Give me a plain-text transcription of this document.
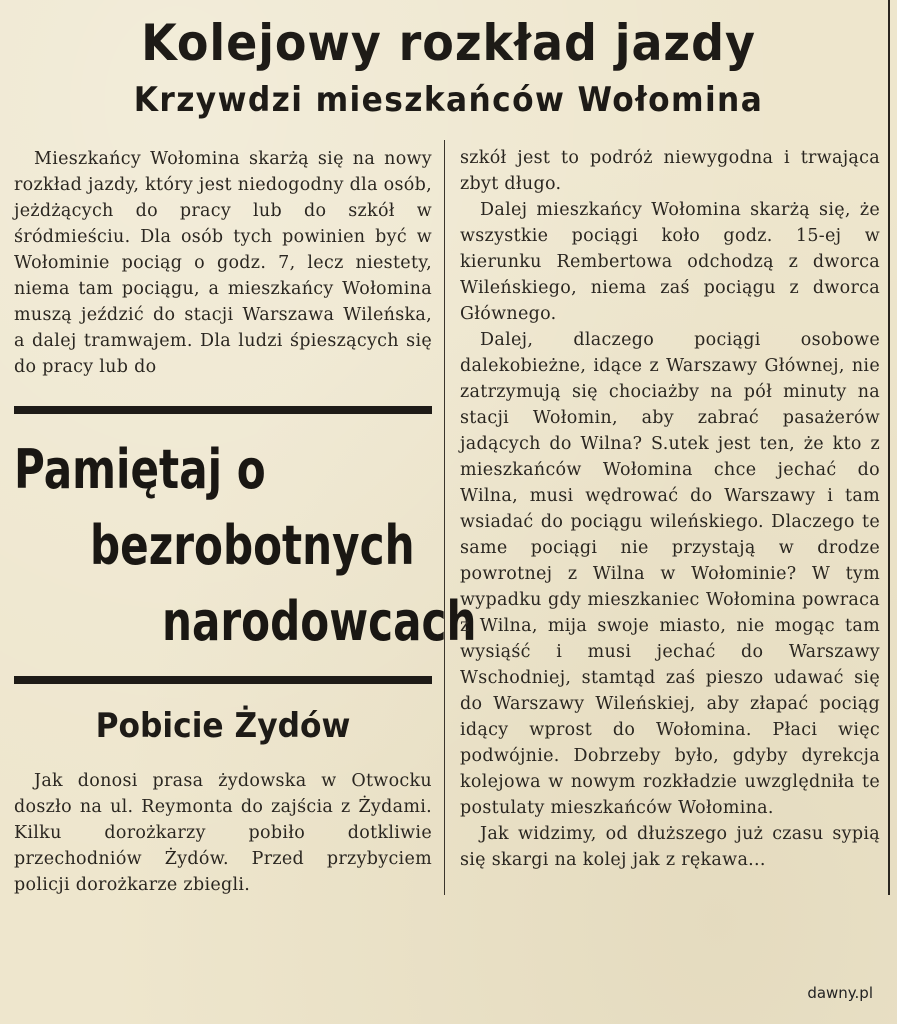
Kolejowy rozkład jazdy
Krzywdzi mieszkańców Wołomina

Mieszkańcy Wołomina skarżą się na nowy rozkład jazdy, który jest niedogodny dla osób, jeżdżących do pracy lub do szkół w śródmieściu. Dla osób tych powinien być w Wołominie pociąg o godz. 7, lecz niestety, niema tam pociągu, a mieszkańcy Wołomina muszą jeździć do stacji Warszawa Wileńska, a dalej tramwajem. Dla ludzi śpieszących się do pracy lub do

Pamiętaj o
bezrobotnych
narodowcach
Pobicie Żydów

Jak donosi prasa żydowska w Otwocku doszło na ul. Reymonta do zajścia z Żydami. Kilku dorożkarzy pobiło dotkliwie przechodniów Żydów. Przed przybyciem policji dorożkarze zbiegli.

szkół jest to podróż niewygodna i trwająca zbyt długo.

Dalej mieszkańcy Wołomina skarżą się, że wszystkie pociągi koło godz. 15-ej w kierunku Rembertowa odchodzą z dworca Wileńskiego, niema zaś pociągu z dworca Głównego.

Dalej, dlaczego pociągi osobowe dalekobieżne, idące z Warszawy Głównej, nie zatrzymują się chociażby na pół minuty na stacji Wołomin, aby zabrać pasażerów jadących do Wilna? S.utek jest ten, że kto z mieszkańców Wołomina chce jechać do Wilna, musi wędrować do Warszawy i tam wsiadać do pociągu wileńskiego. Dlaczego te same pociągi nie przystają w drodze powrotnej z Wilna w Wołominie? W tym wypadku gdy mieszkaniec Wołomina powraca z Wilna, mija swoje miasto, nie mogąc tam wysiąść i musi jechać do Warszawy Wschodniej, stamtąd zaś pieszo udawać się do Warszawy Wileńskiej, aby złapać pociąg idący wprost do Wołomina. Płaci więc podwójnie. Dobrzeby było, gdyby dyrekcja kolejowa w nowym rozkładzie uwzględniła te postulaty mieszkańców Wołomina.

Jak widzimy, od dłuższego już czasu sypią się skargi na kolej jak z rękawa...

dawny.pl
